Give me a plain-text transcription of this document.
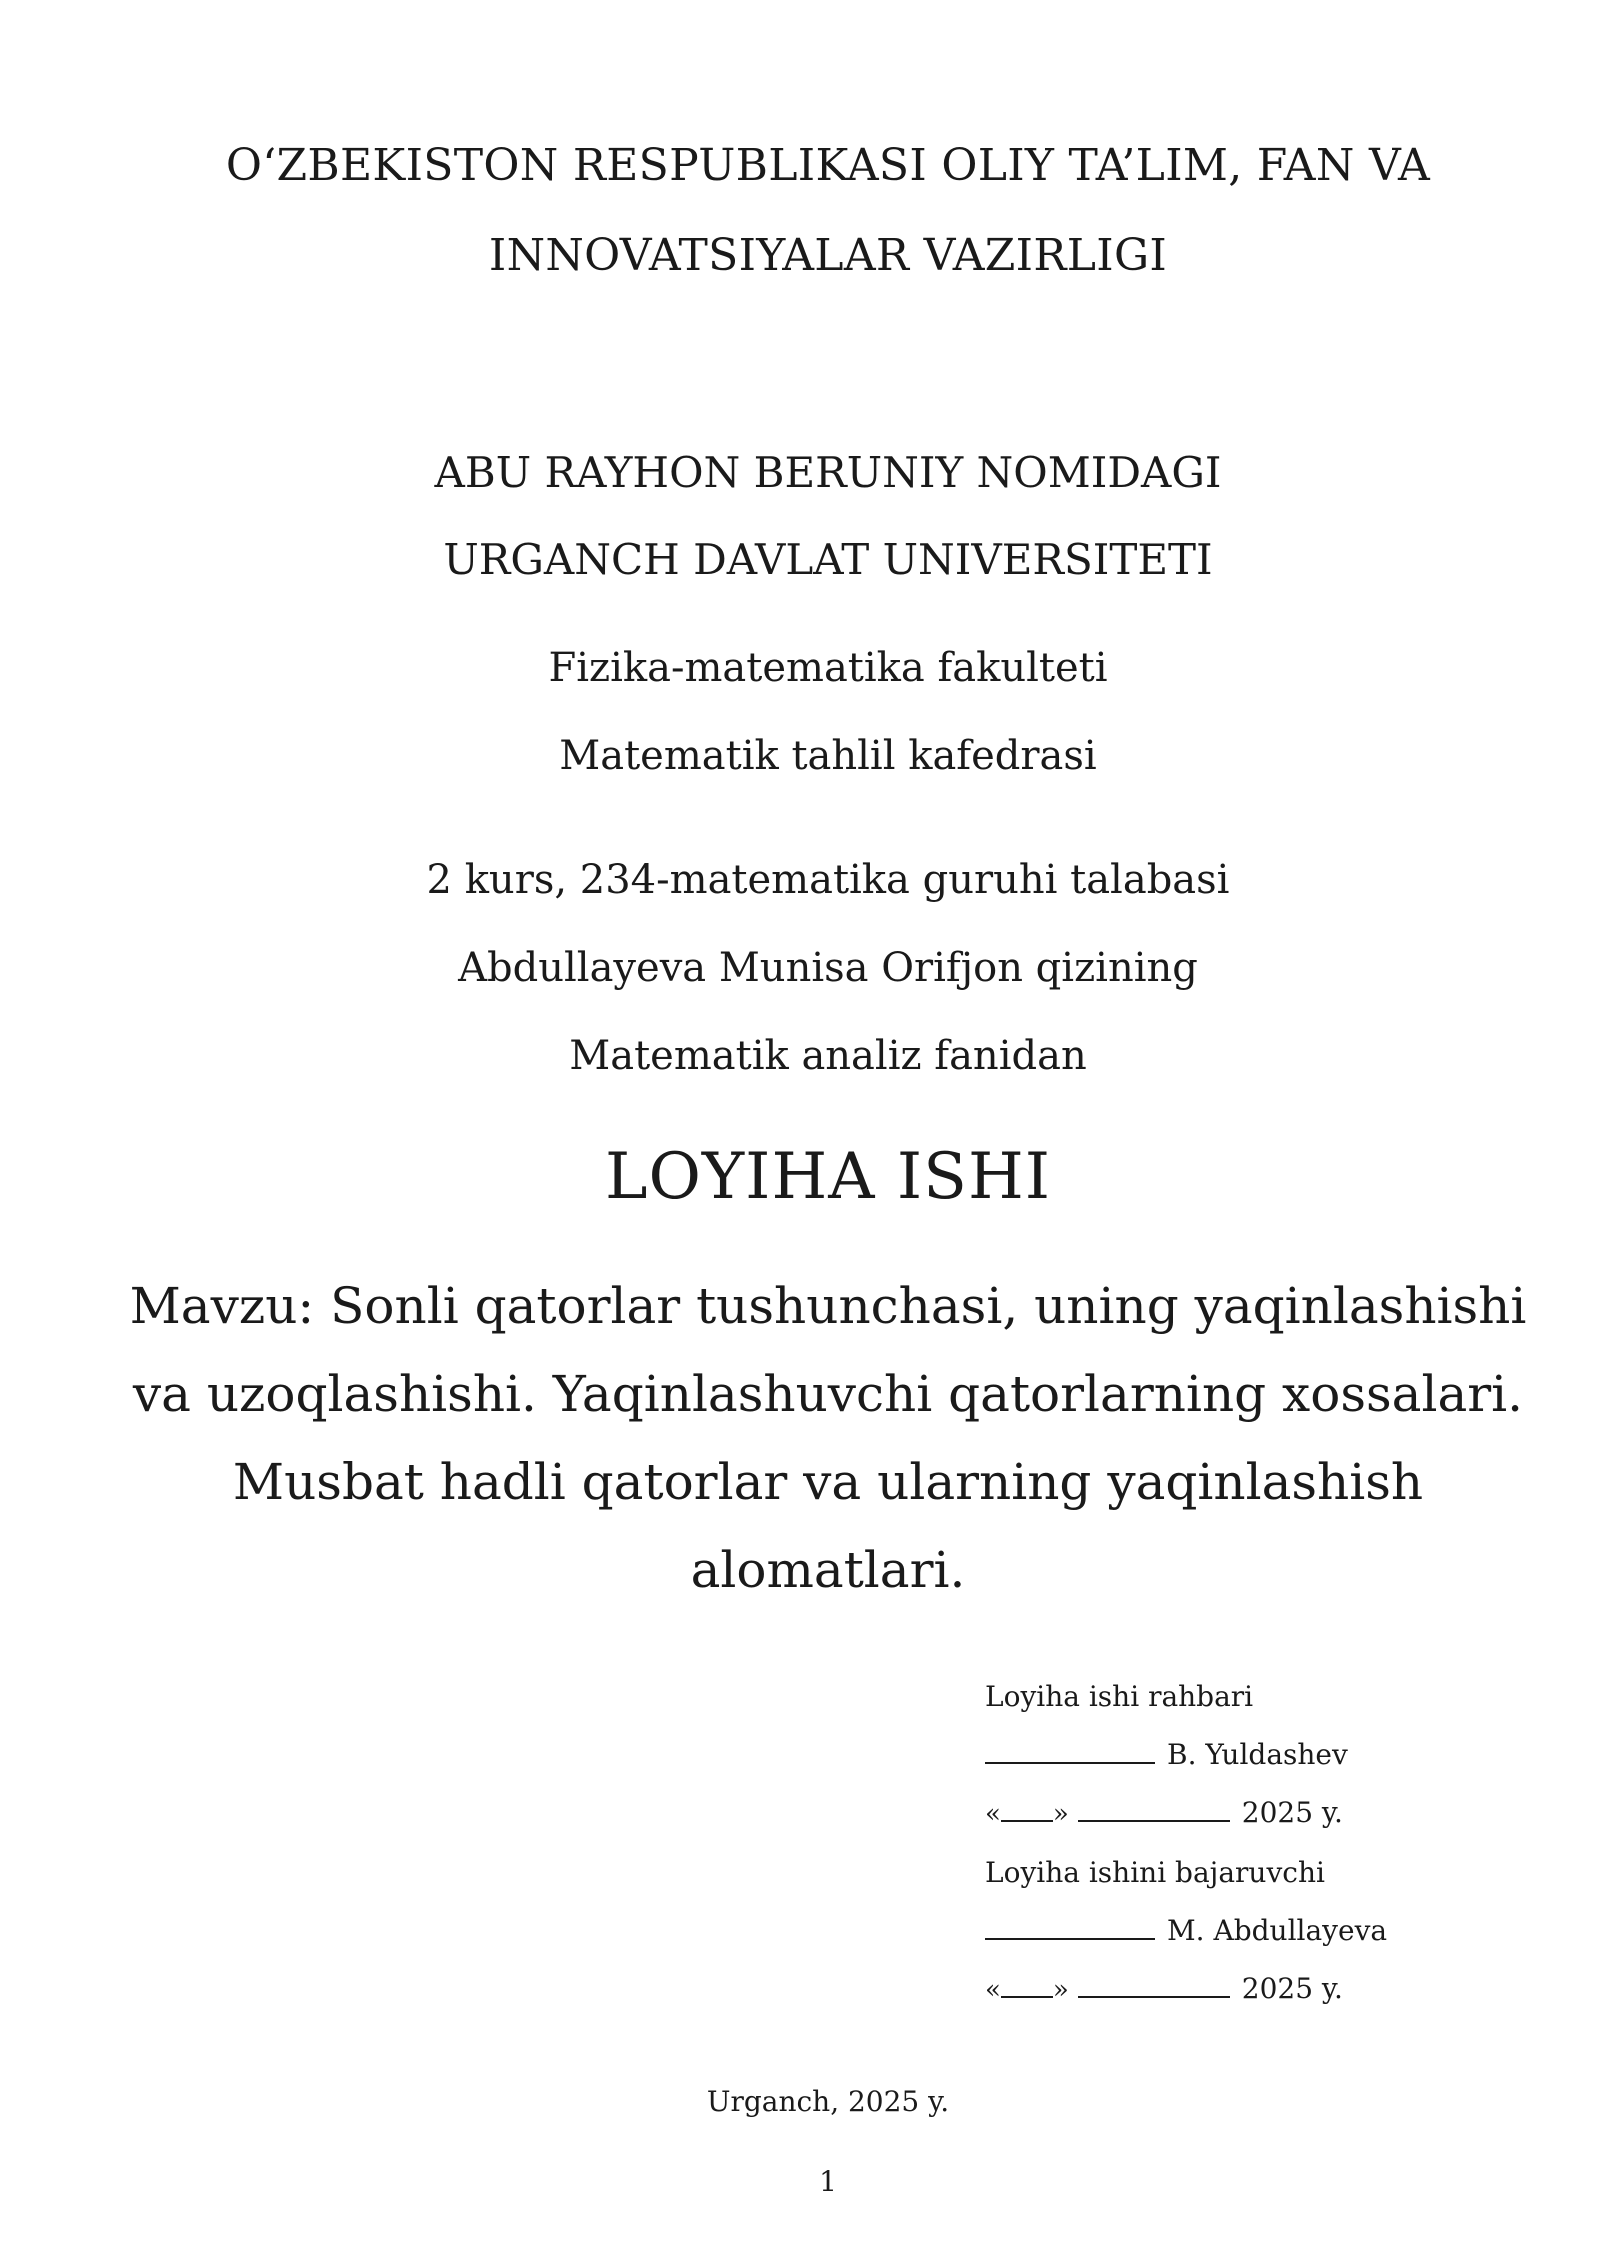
O‘ZBEKISTON RESPUBLIKASI OLIY TA’LIM, FAN VA
INNOVATSIYALAR VAZIRLIGI
ABU RAYHON BERUNIY NOMIDAGI
URGANCH DAVLAT UNIVERSITETI
Fizika-matematika fakulteti
Matematik tahlil kafedrasi
2 kurs, 234-matematika guruhi talabasi
Abdullayeva Munisa Orifjon qizining
Matematik analiz fanidan
LOYIHA ISHI
Mavzu: Sonli qatorlar tushunchasi, uning yaqinlashishi
va uzoqlashishi. Yaqinlashuvchi qatorlarning xossalari.
Musbat hadli qatorlar va ularning yaqinlashish
alomatlari.
Loyiha ishi rahbari
B. Yuldashev
« »	2025 y.
Loyiha ishini bajaruvchi
M. Abdullayeva
« »	2025 y.
Urganch, 2025 y.
1
